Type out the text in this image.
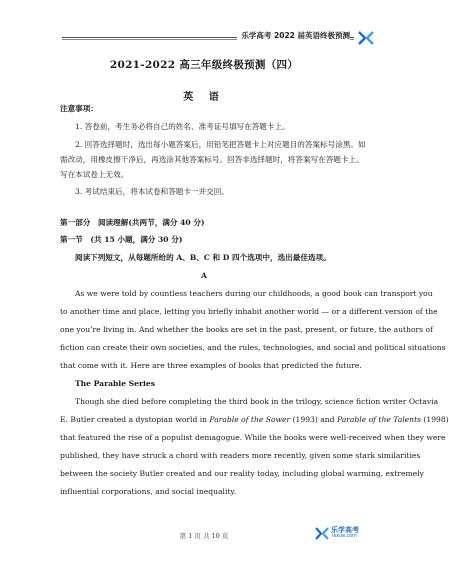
乐学高考 2022 届英语终极预测
2021-2022 高三年级终极预测（四）
英 语
注意事项：
1. 答卷前，考生务必将自己的姓名、准考证号填写在答题卡上。
2. 回答选择题时，选出每小题答案后，用铅笔把答题卡上对应题目的答案标号涂黑。如
需改动，用橡皮擦干净后，再选涂其他答案标号。回答非选择题时，将答案写在答题卡上。
写在本试卷上无效。
3. 考试结束后，将本试卷和答题卡一并交回。
第一部分　阅读理解(共两节，满分 40 分)
第一节　(共 15 小题，满分 30 分)
阅读下列短文，从每题所给的 A、B、C 和 D 四个选项中，选出最佳选项。
A
As we were told by countless teachers during our childhoods, a good book can transport you
to another time and place, letting you briefly inhabit another world — or a different version of the
one you’re living in. And whether the books are set in the past, present, or future, the authors of
fiction can create their own societies, and the rules, technologies, and social and political situations
that come with it. Here are three examples of books that predicted the future.
The Parable Series
Though she died before completing the third book in the trilogy, science fiction writer Octavia
E. Butler created a dystopian world in Parable of the Sower (1993) and Parable of the Talents (1998)
that featured the rise of a populist demagogue. While the books were well-received when they were
published, they have struck a chord with readers more recently, given some stark similarities
between the society Butler created and our reality today, including global warming, extremely
influential corporations, and social inequality.
第 1 页 共 10 页
乐学高考
lexue.com
